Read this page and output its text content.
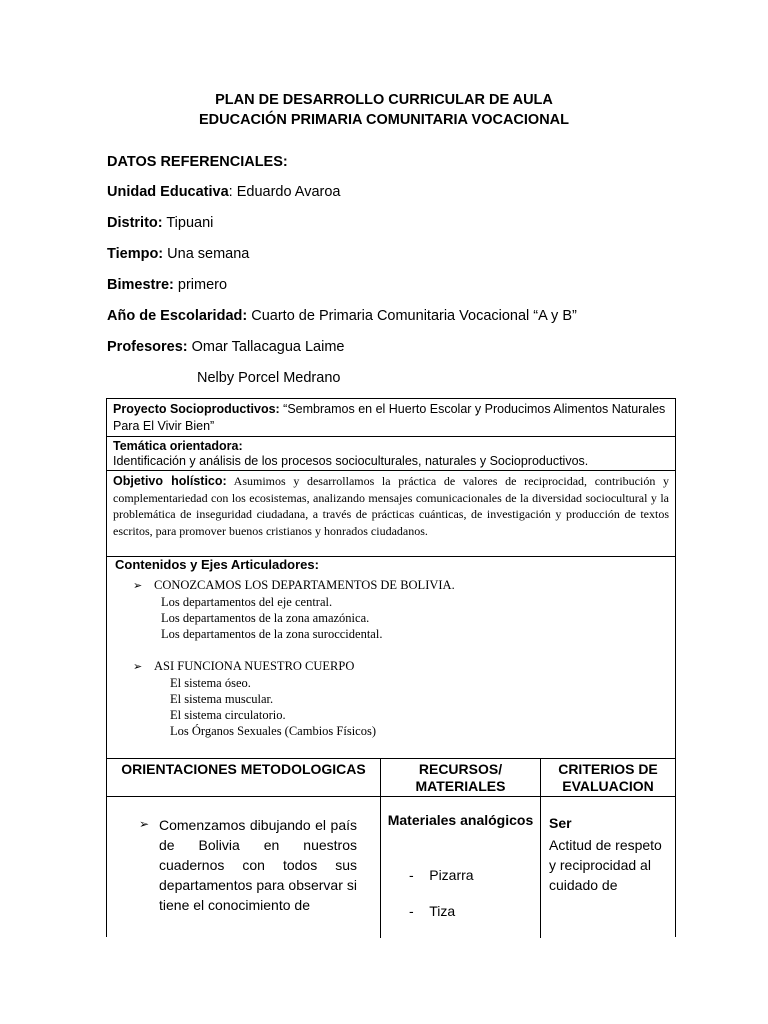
PLAN DE DESARROLLO CURRICULAR DE AULA
EDUCACIÓN PRIMARIA COMUNITARIA VOCACIONAL
DATOS REFERENCIALES:
Unidad Educativa: Eduardo Avaroa
Distrito: Tipuani
Tiempo: Una semana
Bimestre: primero
Año de Escolaridad: Cuarto de Primaria Comunitaria Vocacional “A y B”
Profesores: Omar Tallacagua Laime
Nelby Porcel Medrano
Proyecto Socioproductivos: “Sembramos en el Huerto Escolar y Producimos Alimentos Naturales Para El Vivir Bien”
Temática orientadora:
Identificación y análisis de los procesos socioculturales, naturales y Socioproductivos.
Objetivo holístico: Asumimos y desarrollamos la práctica de valores de reciprocidad, contribución y complementariedad con los ecosistemas, analizando mensajes comunicacionales de la diversidad sociocultural y la problemática de inseguridad ciudadana, a través de prácticas cuánticas, de investigación y producción de textos escritos, para promover buenos cristianos y honrados ciudadanos.
Contenidos y Ejes Articuladores:
➢ CONOZCAMOS LOS DEPARTAMENTOS DE BOLIVIA.
Los departamentos del eje central.
Los departamentos de la zona amazónica.
Los departamentos de la zona suroccidental.
➢ ASI FUNCIONA NUESTRO CUERPO
El sistema óseo.
El sistema muscular.
El sistema circulatorio.
Los Órganos Sexuales (Cambios Físicos)
ORIENTACIONES METODOLOGICAS
➢ Comenzamos dibujando el país de Bolivia en nuestros cuadernos con todos sus departamentos para observar si tiene el conocimiento de
RECURSOS/ MATERIALES
Materiales analógicos
-    Pizarra
-    Tiza
CRITERIOS DE EVALUACION
Ser
Actitud de respeto y reciprocidad al cuidado de
